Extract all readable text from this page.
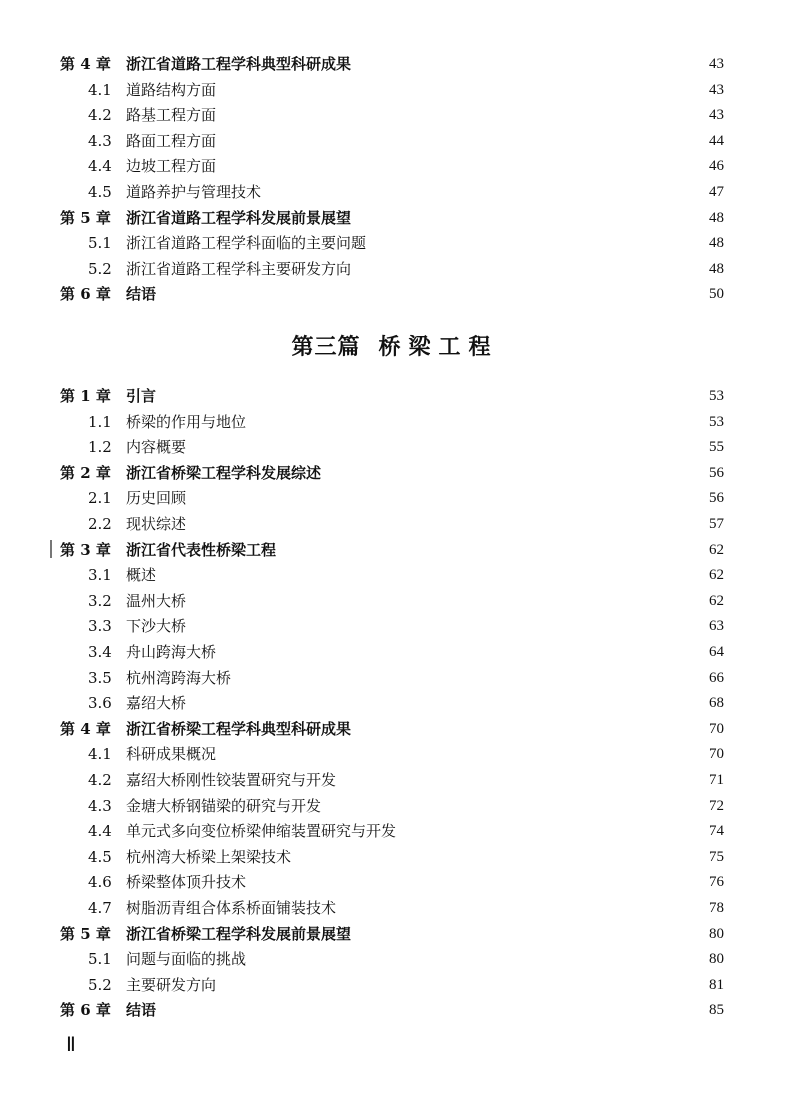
第 4 章	浙江省道路工程学科典型科研成果	43
4.1 道路结构方面	43
4.2 路基工程方面	43
4.3 路面工程方面	44
4.4 边坡工程方面	46
4.5 道路养护与管理技术	47
第 5 章	浙江省道路工程学科发展前景展望	48
5.1 浙江省道路工程学科面临的主要问题	48
5.2 浙江省道路工程学科主要研发方向	48
第 6 章	结语	50
第三篇 桥梁工程
第 1 章	引言	53
1.1 桥梁的作用与地位	53
1.2 内容概要	55
第 2 章	浙江省桥梁工程学科发展综述	56
2.1 历史回顾	56
2.2 现状综述	57
第 3 章	浙江省代表性桥梁工程	62
3.1 概述	62
3.2 温州大桥	62
3.3 下沙大桥	63
3.4 舟山跨海大桥	64
3.5 杭州湾跨海大桥	66
3.6 嘉绍大桥	68
第 4 章	浙江省桥梁工程学科典型科研成果	70
4.1 科研成果概况	70
4.2 嘉绍大桥刚性铰装置研究与开发	71
4.3 金塘大桥钢锚梁的研究与开发	72
4.4 单元式多向变位桥梁伸缩装置研究与开发	74
4.5 杭州湾大桥梁上架梁技术	75
4.6 桥梁整体顶升技术	76
4.7 树脂沥青组合体系桥面铺装技术	78
第 5 章	浙江省桥梁工程学科发展前景展望	80
5.1 问题与面临的挑战	80
5.2 主要研发方向	81
第 6 章	结语	85
Ⅱ
